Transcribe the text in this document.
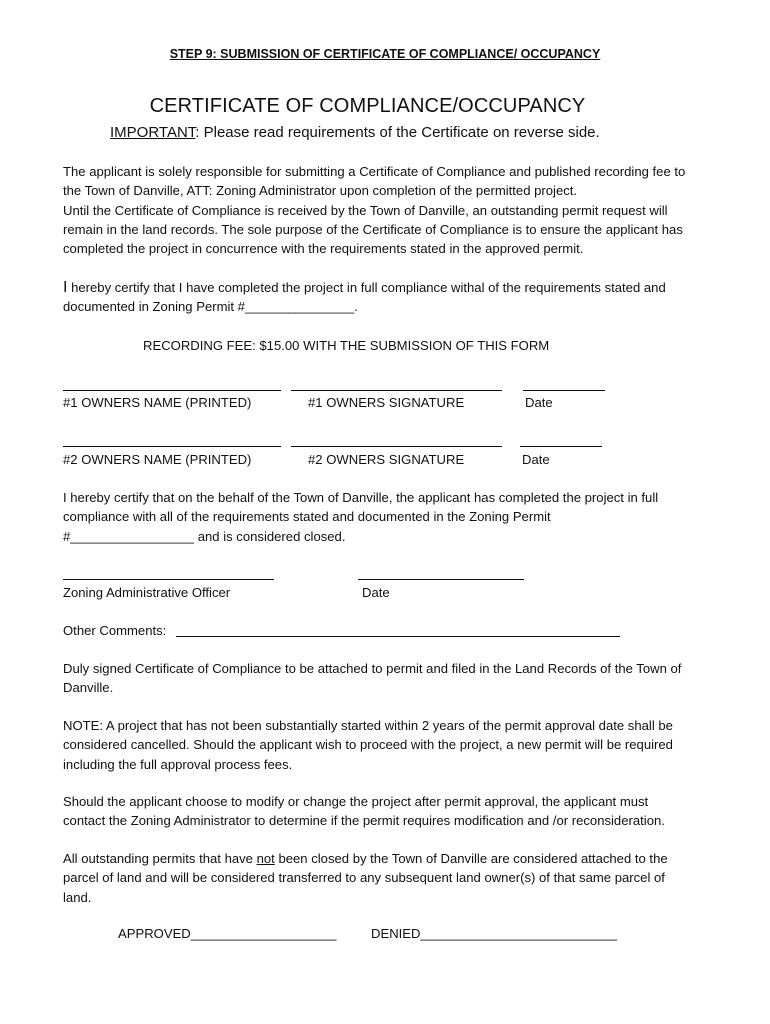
STEP 9: SUBMISSION OF CERTIFICATE OF COMPLIANCE/ OCCUPANCY
CERTIFICATE OF COMPLIANCE/OCCUPANCY
IMPORTANT: Please read requirements of the Certificate on reverse side.
The applicant is solely responsible for submitting a Certificate of Compliance and published recording fee to
the Town of Danville, ATT: Zoning Administrator upon completion of the permitted project.
Until the Certificate of Compliance is received by the Town of Danville, an outstanding permit request will
remain in the land records. The sole purpose of the Certificate of Compliance is to ensure the applicant has
completed the project in concurrence with the requirements stated in the approved permit.
I hereby certify that I have completed the project in full compliance withal of the requirements stated and
documented in Zoning Permit #_______________.
RECORDING FEE: $15.00 WITH THE SUBMISSION OF THIS FORM
#1 OWNERS NAME (PRINTED)	#1 OWNERS SIGNATURE	Date
#2 OWNERS NAME (PRINTED)	#2 OWNERS SIGNATURE	Date
I hereby certify that on the behalf of the Town of Danville, the applicant has completed the project in full
compliance with all of the requirements stated and documented in the Zoning Permit
#_________________ and is considered closed.
Zoning Administrative Officer	Date
Other Comments:
Duly signed Certificate of Compliance to be attached to permit and filed in the Land Records of the Town of
Danville.
NOTE: A project that has not been substantially started within 2 years of the permit approval date shall be
considered cancelled. Should the applicant wish to proceed with the project, a new permit will be required
including the full approval process fees.
Should the applicant choose to modify or change the project after permit approval, the applicant must
contact the Zoning Administrator to determine if the permit requires modification and /or reconsideration.
All outstanding permits that have not been closed by the Town of Danville are considered attached to the
parcel of land and will be considered transferred to any subsequent land owner(s) of that same parcel of
land.
APPROVED____________________	DENIED___________________________
